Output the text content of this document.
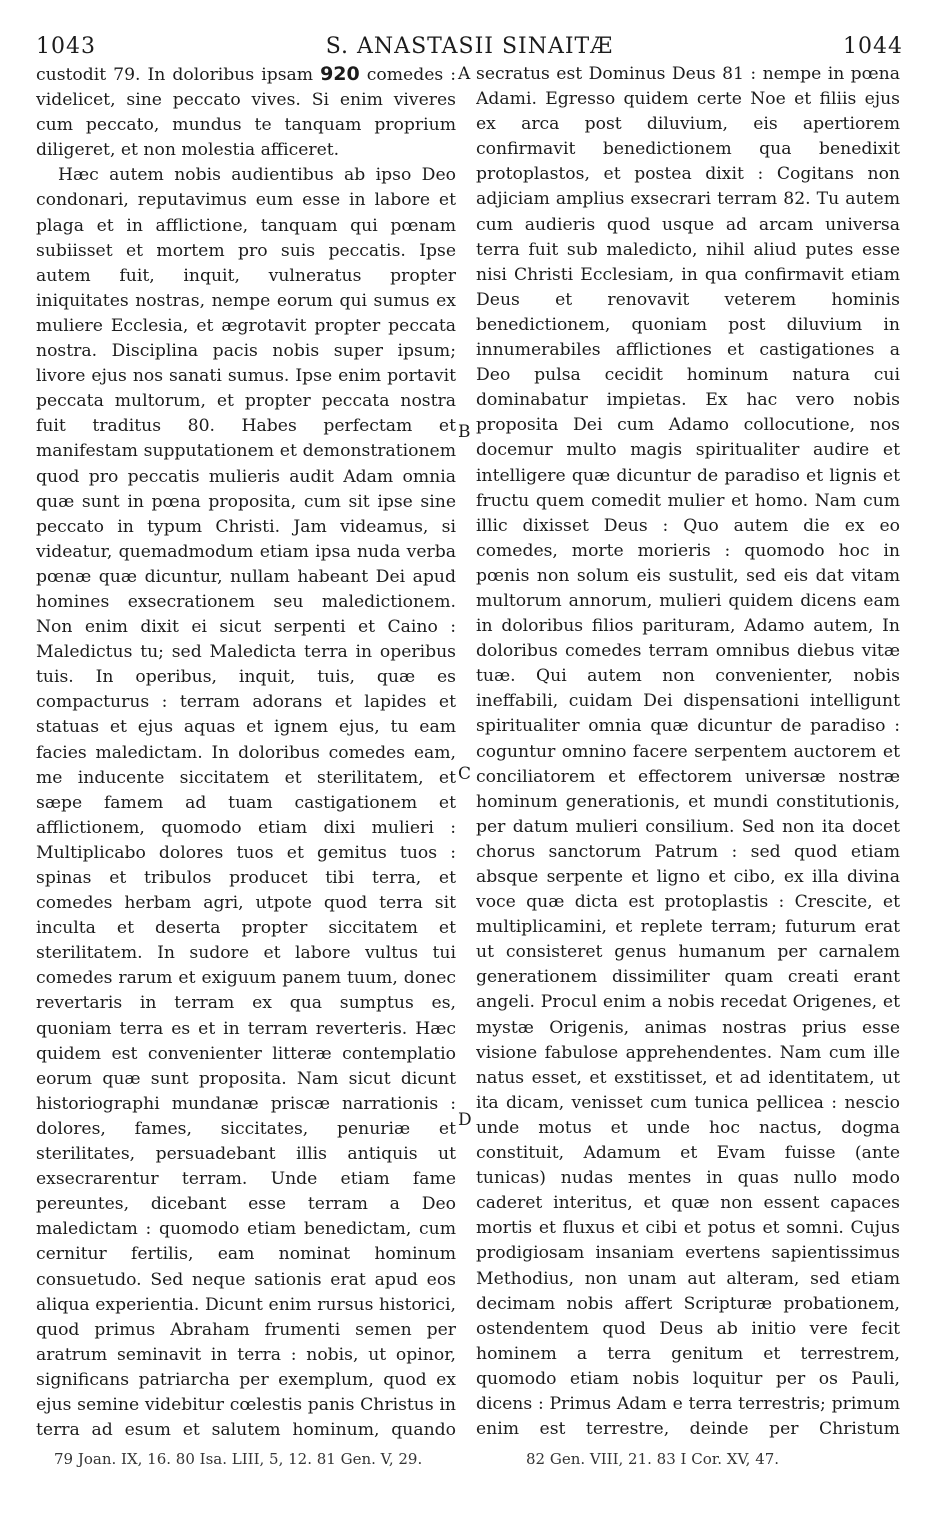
1043	S. ANASTASII SINAITÆ	1044

custodit 79. In doloribus ipsam 920 comedes : videlicet, sine peccato vives. Si enim viveres cum peccato, mundus te tanquam proprium diligeret, et non molestia afficeret.

Hæc autem nobis audientibus ab ipso Deo condonari, reputavimus eum esse in labore et plaga et in afflictione, tanquam qui pœnam subiisset et mortem pro suis peccatis. Ipse autem fuit, inquit, vulneratus propter iniquitates nostras, nempe eorum qui sumus ex muliere Ecclesia, et ægrotavit propter peccata nostra. Disciplina pacis nobis super ipsum; livore ejus nos sanati sumus. Ipse enim portavit peccata multorum, et propter peccata nostra fuit traditus 80. Habes perfectam et manifestam supputationem et demonstrationem quod pro peccatis mulieris audit Adam omnia quæ sunt in pœna proposita, cum sit ipse sine peccato in typum Christi. Jam videamus, si videatur, quemadmodum etiam ipsa nuda verba pœnæ quæ dicuntur, nullam habeant Dei apud homines exsecrationem seu maledictionem. Non enim dixit ei sicut serpenti et Caino : Maledictus tu; sed Maledicta terra in operibus tuis. In operibus, inquit, tuis, quæ es compacturus : terram adorans et lapides et statuas et ejus aquas et ignem ejus, tu eam facies maledictam. In doloribus comedes eam, me inducente siccitatem et sterilitatem, et sæpe famem ad tuam castigationem et afflictionem, quomodo etiam dixi mulieri : Multiplicabo dolores tuos et gemitus tuos : spinas et tribulos producet tibi terra, et comedes herbam agri, utpote quod terra sit inculta et deserta propter siccitatem et sterilitatem. In sudore et labore vultus tui comedes rarum et exiguum panem tuum, donec revertaris in terram ex qua sumptus es, quoniam terra es et in terram reverteris. Hæc quidem est convenienter litteræ contemplatio eorum quæ sunt proposita. Nam sicut dicunt historiographi mundanæ priscæ narrationis : dolores, fames, siccitates, penuriæ et sterilitates, persuadebant illis antiquis ut exsecrarentur terram. Unde etiam fame pereuntes, dicebant esse terram a Deo maledictam : quomodo etiam benedictam, cum cernitur fertilis, eam nominat hominum consuetudo. Sed neque sationis erat apud eos aliqua experientia. Dicunt enim rursus historici, quod primus Abraham frumenti semen per aratrum seminavit in terra : nobis, ut opinor, significans patriarcha per exemplum, quod ex ejus semine videbitur cœlestis panis Christus in terra ad esum et salutem hominum, quando

secratus est Dominus Deus 81 : nempe in pœna Adami. Egresso quidem certe Noe et filiis ejus ex arca post diluvium, eis apertiorem confirmavit benedictionem qua benedixit protoplastos, et postea dixit : Cogitans non adjiciam amplius exsecrari terram 82. Tu autem cum audieris quod usque ad arcam universa terra fuit sub maledicto, nihil aliud putes esse nisi Christi Ecclesiam, in qua confirmavit etiam Deus et renovavit veterem hominis benedictionem, quoniam post diluvium in innumerabiles afflictiones et castigationes a Deo pulsa cecidit hominum natura cui dominabatur impietas. Ex hac vero nobis proposita Dei cum Adamo collocutione, nos docemur multo magis spiritualiter audire et intelligere quæ dicuntur de paradiso et lignis et fructu quem comedit mulier et homo. Nam cum illic dixisset Deus : Quo autem die ex eo comedes, morte morieris : quomodo hoc in pœnis non solum eis sustulit, sed eis dat vitam multorum annorum, mulieri quidem dicens eam in doloribus filios parituram, Adamo autem, In doloribus comedes terram omnibus diebus vitæ tuæ. Qui autem non convenienter, nobis ineffabili, cuidam Dei dispensationi intelligunt spiritualiter omnia quæ dicuntur de paradiso : coguntur omnino facere serpentem auctorem et conciliatorem et effectorem universæ nostræ hominum generationis, et mundi constitutionis, per datum mulieri consilium. Sed non ita docet chorus sanctorum Patrum : sed quod etiam absque serpente et ligno et cibo, ex illa divina voce quæ dicta est protoplastis : Crescite, et multiplicamini, et replete terram; futurum erat ut consisteret genus humanum per carnalem generationem dissimiliter quam creati erant angeli. Procul enim a nobis recedat Origenes, et mystæ Origenis, animas nostras prius esse visione fabulose apprehendentes. Nam cum ille natus esset, et exstitisset, et ad identitatem, ut ita dicam, venisset cum tunica pellicea : nescio unde motus et unde hoc nactus, dogma constituit, Adamum et Evam fuisse (ante tunicas) nudas mentes in quas nullo modo caderet interitus, et quæ non essent capaces mortis et fluxus et cibi et potus et somni. Cujus prodigiosam insaniam evertens sapientissimus Methodius, non unam aut alteram, sed etiam decimam nobis affert Scripturæ probationem, ostendentem quod Deus ab initio vere fecit hominem a terra genitum et terrestrem, quomodo etiam nobis loquitur per os Pauli, dicens : Primus Adam e terra terrestris; primum enim est terrestre, deinde per Christum

A
B
C
D
79 Joan. IX, 16. 80 Isa. LIII, 5, 12. 81 Gen. V, 29.	82 Gen. VIII, 21. 83 I Cor. XV, 47.
